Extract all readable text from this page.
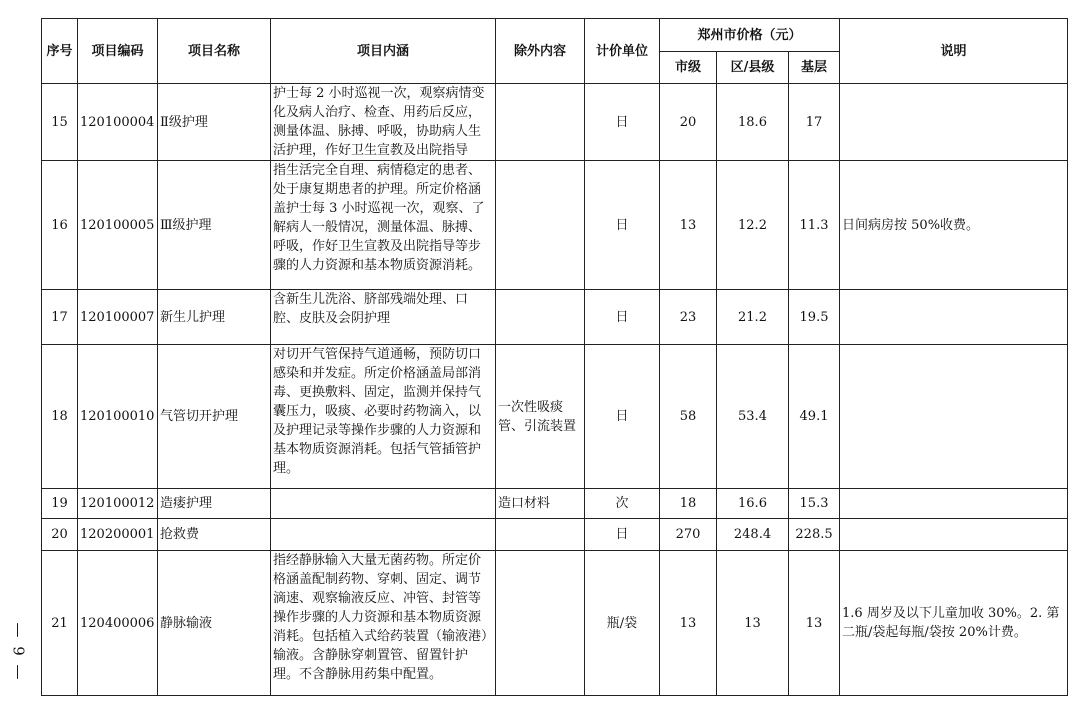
— 9 —
序号	项目编码	项目名称	项目内涵	除外内容	计价单位	郑州市价格（元）			说明
						市级	区/县级	基层	
15	120100004	Ⅱ级护理	护士每 2 小时巡视一次，观察病情变化及病人治疗、检查、用药后反应，测量体温、脉搏、呼吸，协助病人生活护理，作好卫生宣教及出院指导		日	20	18.6	17	
16	120100005	Ⅲ级护理	指生活完全自理、病情稳定的患者、处于康复期患者的护理。所定价格涵盖护士每 3 小时巡视一次，观察、了解病人一般情况，测量体温、脉搏、呼吸，作好卫生宣教及出院指导等步骤的人力资源和基本物质资源消耗。		日	13	12.2	11.3	日间病房按 50%收费。
17	120100007	新生儿护理	含新生儿洗浴、脐部残端处理、口腔、皮肤及会阴护理		日	23	21.2	19.5	
18	120100010	气管切开护理	对切开气管保持气道通畅，预防切口感染和并发症。所定价格涵盖局部消毒、更换敷料、固定，监测并保持气囊压力，吸痰、必要时药物滴入，以及护理记录等操作步骤的人力资源和基本物质资源消耗。包括气管插管护理。	一次性吸痰管、引流装置	日	58	53.4	49.1	
19	120100012	造瘘护理		造口材料	次	18	16.6	15.3	
20	120200001	抢救费			日	270	248.4	228.5	
21	120400006	静脉输液	指经静脉输入大量无菌药物。所定价格涵盖配制药物、穿刺、固定、调节滴速、观察输液反应、冲管、封管等操作步骤的人力资源和基本物质资源消耗。包括植入式给药装置（输液港）输液。含静脉穿刺置管、留置针护理。不含静脉用药集中配置。		瓶/袋	13	13	13	1.6 周岁及以下儿童加收 30%。2. 第二瓶/袋起每瓶/袋按 20%计费。
